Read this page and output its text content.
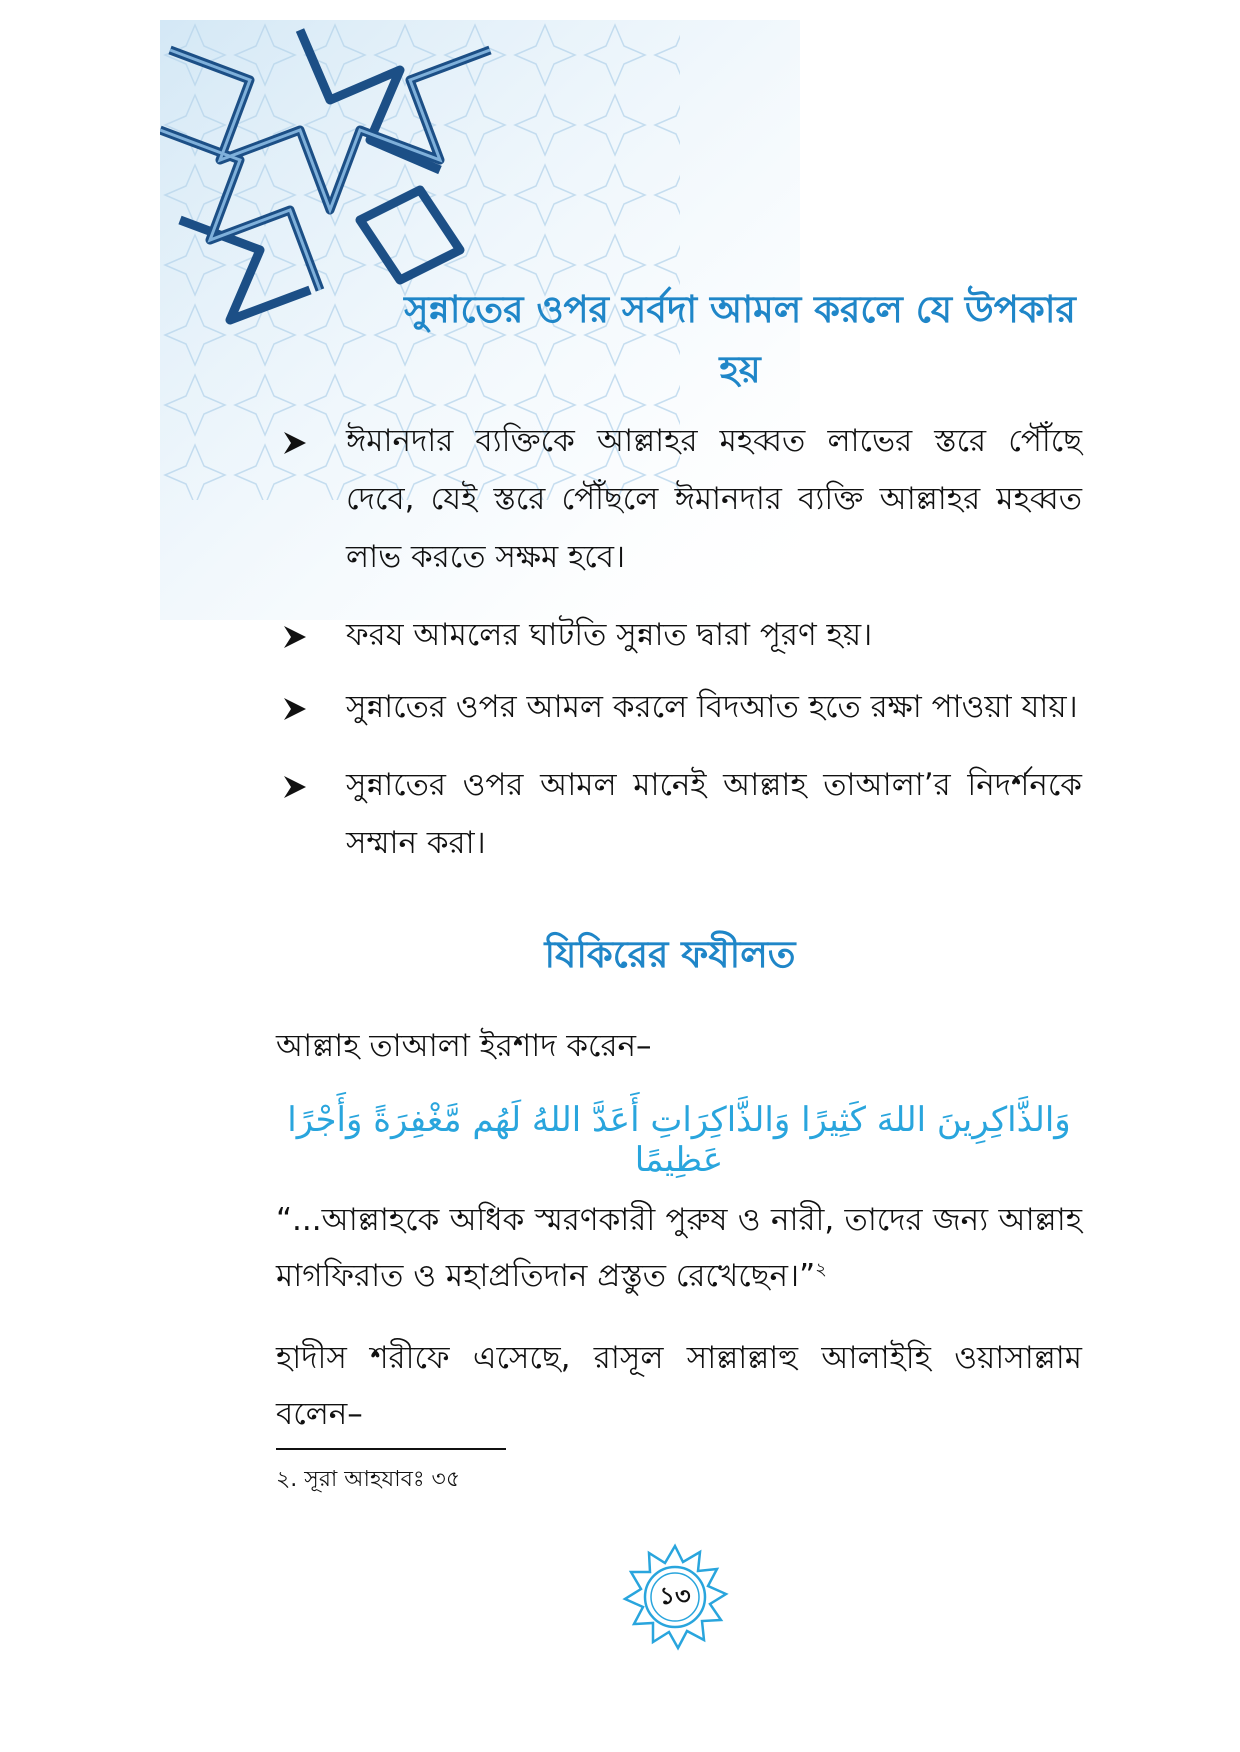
সুন্নাতের ওপর সর্বদা আমল করলে যে উপকার হয়
ঈমানদার ব্যক্তিকে আল্লাহর মহব্বত লাভের স্তরে পৌঁছে দেবে, যেই স্তরে পৌঁছলে ঈমানদার ব্যক্তি আল্লাহর মহব্বত লাভ করতে সক্ষম হবে।
ফরয আমলের ঘাটতি সুন্নাত দ্বারা পূরণ হয়।
সুন্নাতের ওপর আমল করলে বিদআত হতে রক্ষা পাওয়া যায়।
সুন্নাতের ওপর আমল মানেই আল্লাহ তাআলা’র নিদর্শনকে সম্মান করা।
যিকিরের ফযীলত
আল্লাহ তাআলা ইরশাদ করেন–
وَالذَّاكِرِينَ اللهَ كَثِيرًا وَالذَّاكِرَاتِ أَعَدَّ اللهُ لَهُم مَّغْفِرَةً وَأَجْرًا عَظِيمًا
“...আল্লাহকে অধিক স্মরণকারী পুরুষ ও নারী, তাদের জন্য আল্লাহ মাগফিরাত ও মহাপ্রতিদান প্রস্তুত রেখেছেন।”$^২$
হাদীস শরীফে এসেছে, রাসূল সাল্লাল্লাহু আলাইহি ওয়াসাল্লাম বলেন–
২. সূরা আহযাবঃ ৩৫
১৩
